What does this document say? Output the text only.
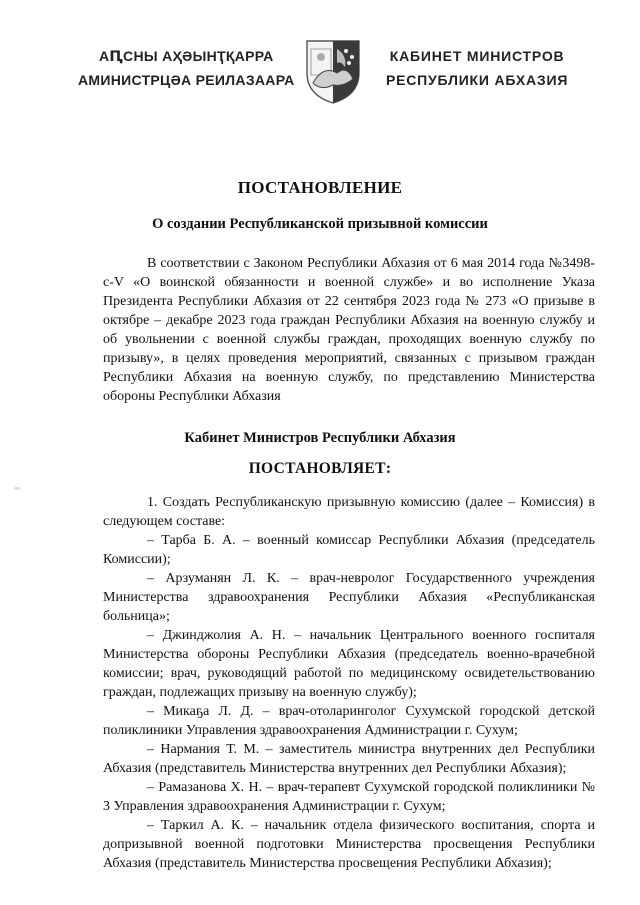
АԤСНЫ АҲӘЫНҬҚАРРА
АМИНИСТРЦӘА РЕИЛАЗААРА
КАБИНЕТ МИНИСТРОВ
РЕСПУБЛИКИ АБХАЗИЯ
ПОСТАНОВЛЕНИЕ
О создании Республиканской призывной комиссии

В соответствии с Законом Республики Абхазия от 6 мая 2014 года №3498-с-V «О воинской обязанности и военной службе» и во исполнение Указа Президента Республики Абхазия от 22 сентября 2023 года № 273 «О призыве в октябре – декабре 2023 года граждан Республики Абхазия на военную службу и об увольнении с военной службы граждан, проходящих военную службу по призыву», в целях проведения мероприятий, связанных с призывом граждан Республики Абхазия на военную службу, по представлению Министерства обороны Республики Абхазия

Кабинет Министров Республики Абхазия
ПОСТАНОВЛЯЕТ:

1. Создать Республиканскую призывную комиссию (далее – Комиссия) в следующем составе:

– Тарба Б. А. – военный комиссар Республики Абхазия (председатель Комиссии);

– Арзуманян Л. К. – врач-невролог Государственного учреждения Министерства здравоохранения Республики Абхазия «Республиканская больница»;

– Джинджолия А. Н. – начальник Центрального военного госпиталя Министерства обороны Республики Абхазия (председатель военно-врачебной комиссии; врач, руководящий работой по медицинскому освидетельствованию граждан, подлежащих призыву на военную службу);

– Микаҕа Л. Д. – врач-отоларинголог Сухумской городской детской поликлиники Управления здравоохранения Администрации г. Сухум;

– Нармания Т. М. – заместитель министра внутренних дел Республики Абхазия (представитель Министерства внутренних дел Республики Абхазия);

– Рамазанова Х. Н. – врач-терапевт Сухумской городской поликлиники № 3 Управления здравоохранения Администрации г. Сухум;

– Таркил А. К. – начальник отдела физического воспитания, спорта и допризывной военной подготовки Министерства просвещения Республики Абхазия (представитель Министерства просвещения Республики Абхазия);
